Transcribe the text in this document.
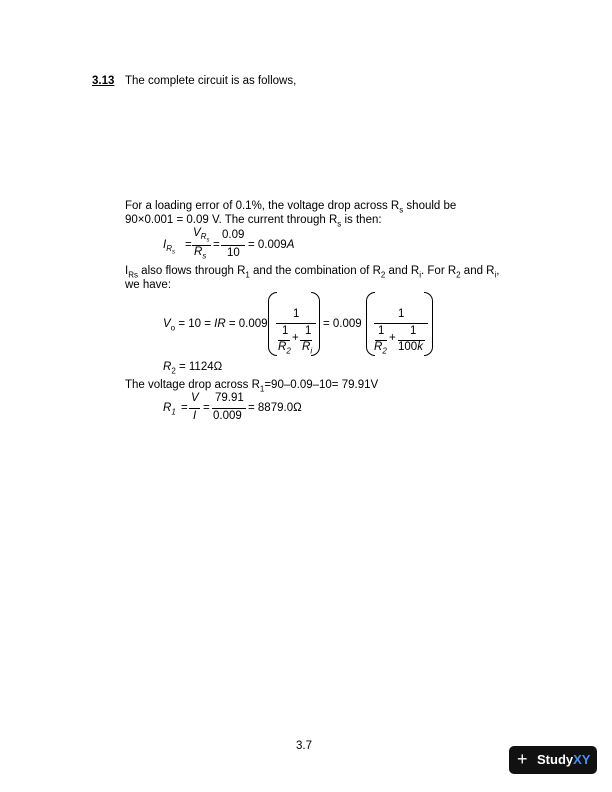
3.13 The complete circuit is as follows,
For a loading error of 0.1%, the voltage drop across $R_s$ should be
90×0.001 = 0.09 V. The current through $R_s$ is then:
$I_{R_s}$
=
$V_{R_s}$
$R_s$
=
0.09
10
= 0.009A
$I_{Rs}$ also flows through $R_1$ and the combination of $R_2$ and $R_i$. For $R_2$ and $R_i$,
we have:
$V_o = 10$ = IR = 0.009
1
1 1
+
$R_2$ $R_i$
= 0.009
1
1 1
+
$R_2$ 100k
$R_2 = 1124\Omega$
The voltage drop across $R_1=90-0.09-10= 79.91V$
$R_1$ =
V
I
=
79.91
0.009
= 8879.0Ω
3.7
+ StudyXY
